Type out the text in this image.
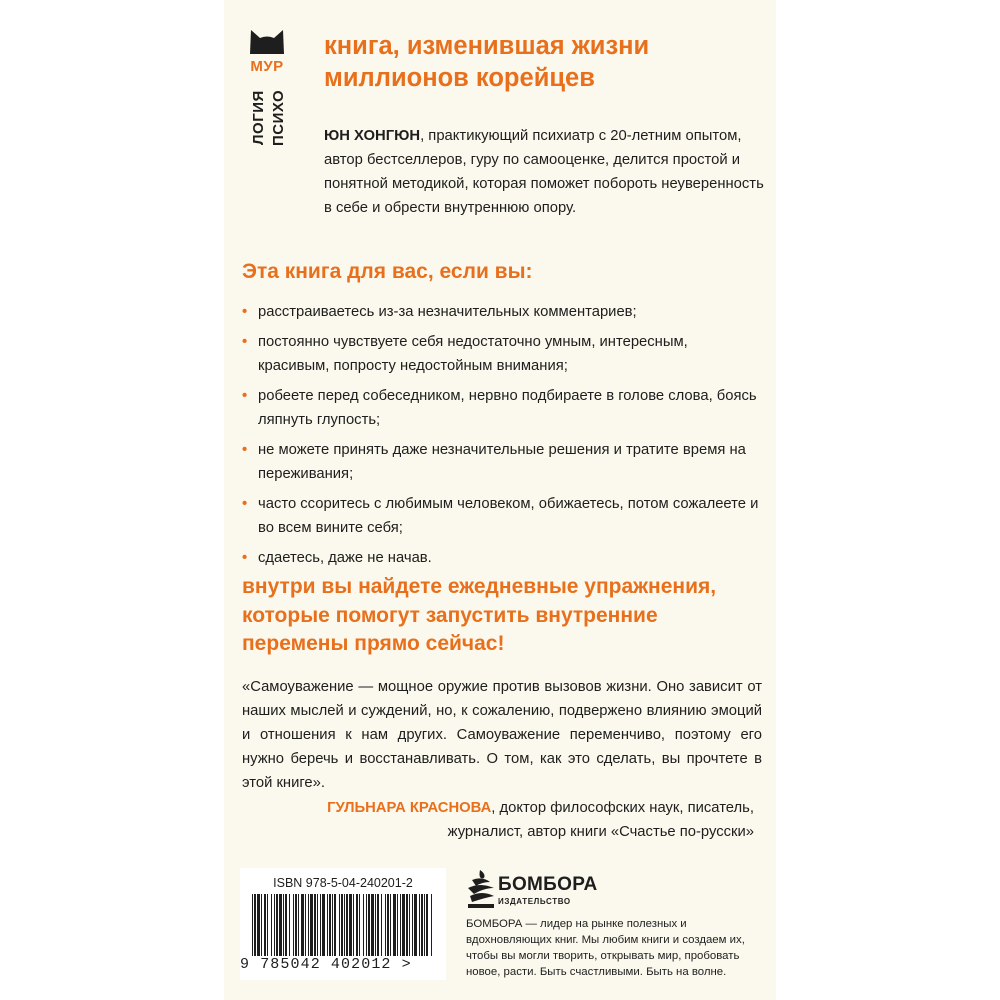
МУР
ПСИХО
ЛОГИЯ
книга, изменившая жизни миллионов корейцев

ЮН ХОНГЮН, практикующий психиатр с 20-летним опытом, автор бестселлеров, гуру по самооценке, делится простой и понятной методикой, которая поможет побороть неуверенность в себе и обрести внутреннюю опору.

Эта книга для вас, если вы:
• расстраиваетесь из-за незначительных комментариев;
• постоянно чувствуете себя недостаточно умным, интересным, красивым, попросту недостойным внимания;
• робеете перед собеседником, нервно подбираете в голове слова, боясь ляпнуть глупость;
• не можете принять даже незначительные решения и тратите время на переживания;
• часто ссоритесь с любимым человеком, обижаетесь, потом сожалеете и во всем вините себя;
• сдаетесь, даже не начав.
внутри вы найдете ежедневные упражнения, которые помогут запустить внутренние перемены прямо сейчас!

«Самоуважение — мощное оружие против вызовов жизни. Оно зависит от наших мыслей и суждений, но, к сожалению, подвержено влиянию эмоций и отношения к нам других. Самоуважение переменчиво, поэтому его нужно беречь и восстанавливать. О том, как это сделать, вы прочтете в этой книге».

ГУЛЬНАРА КРАСНОВА, доктор философских наук, писатель, журналист, автор книги «Счастье по-русски»

ISBN 978-5-04-240201-2
9 785042 402012 >
БОМБОРА
ИЗДАТЕЛЬСТВО

БОМБОРА — лидер на рынке полезных и вдохновляющих книг. Мы любим книги и создаем их, чтобы вы могли творить, открывать мир, пробовать новое, расти. Быть счастливыми. Быть на волне.
